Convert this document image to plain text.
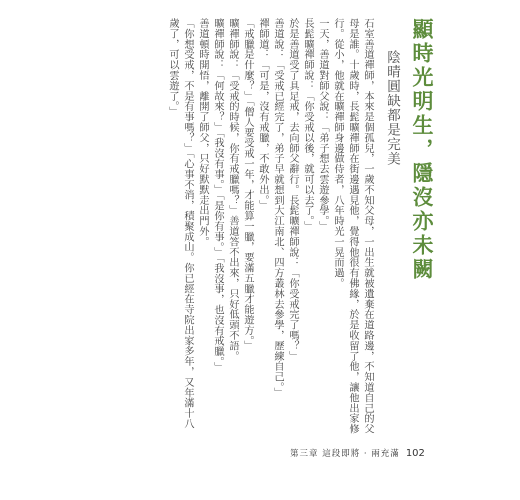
顯時光明生，隱沒亦未闕
陰晴圓缺都是完美

石室善道禪師，本來是個孤兒，一歲不知父母，一出生就被遺棄在道路邊，不知道自己的父母是誰。十歲時，長髭曠禪師在街邊遇見他，覺得他很有佛緣，於是收留了他，讓他出家修行。從小，他就在曠禪師身邊做侍者，八年時光一晃而過。

一天，善道對師父說：「弟子想去雲遊參學。」

長髭曠禪師說：「你受戒以後，就可以去了。」

於是善道受了具足戒，去向師父辭行。長髭曠禪師說：「你受戒完了嗎？」

善道說：「受戒已經完了，弟子早就想到大江南北、四方叢林去參學，歷練自己。」

禪師道：「可是，沒有戒臘，不敢外出。」

「戒臘是什麼？」「僧人要受戒一年，才能算一臘，要滿五臘才能遊方。」

曠禪師說：「受戒的時候，你有戒臘嗎？」善道答不出來，只好低頭不語。

曠禪師說：「何故來？」「我沒有事。」「是你有事。」「我沒事，也沒有戒臘。」

善道頓時開悟，離開了師父，只好默默走出門外。

「你想受戒，不是有事嗎？」「心事不消，積聚成山。你已經在寺院出家多年，又年滿十八歲了，可以雲遊了。」

第三章 這段即將 · 兩充滿 102
